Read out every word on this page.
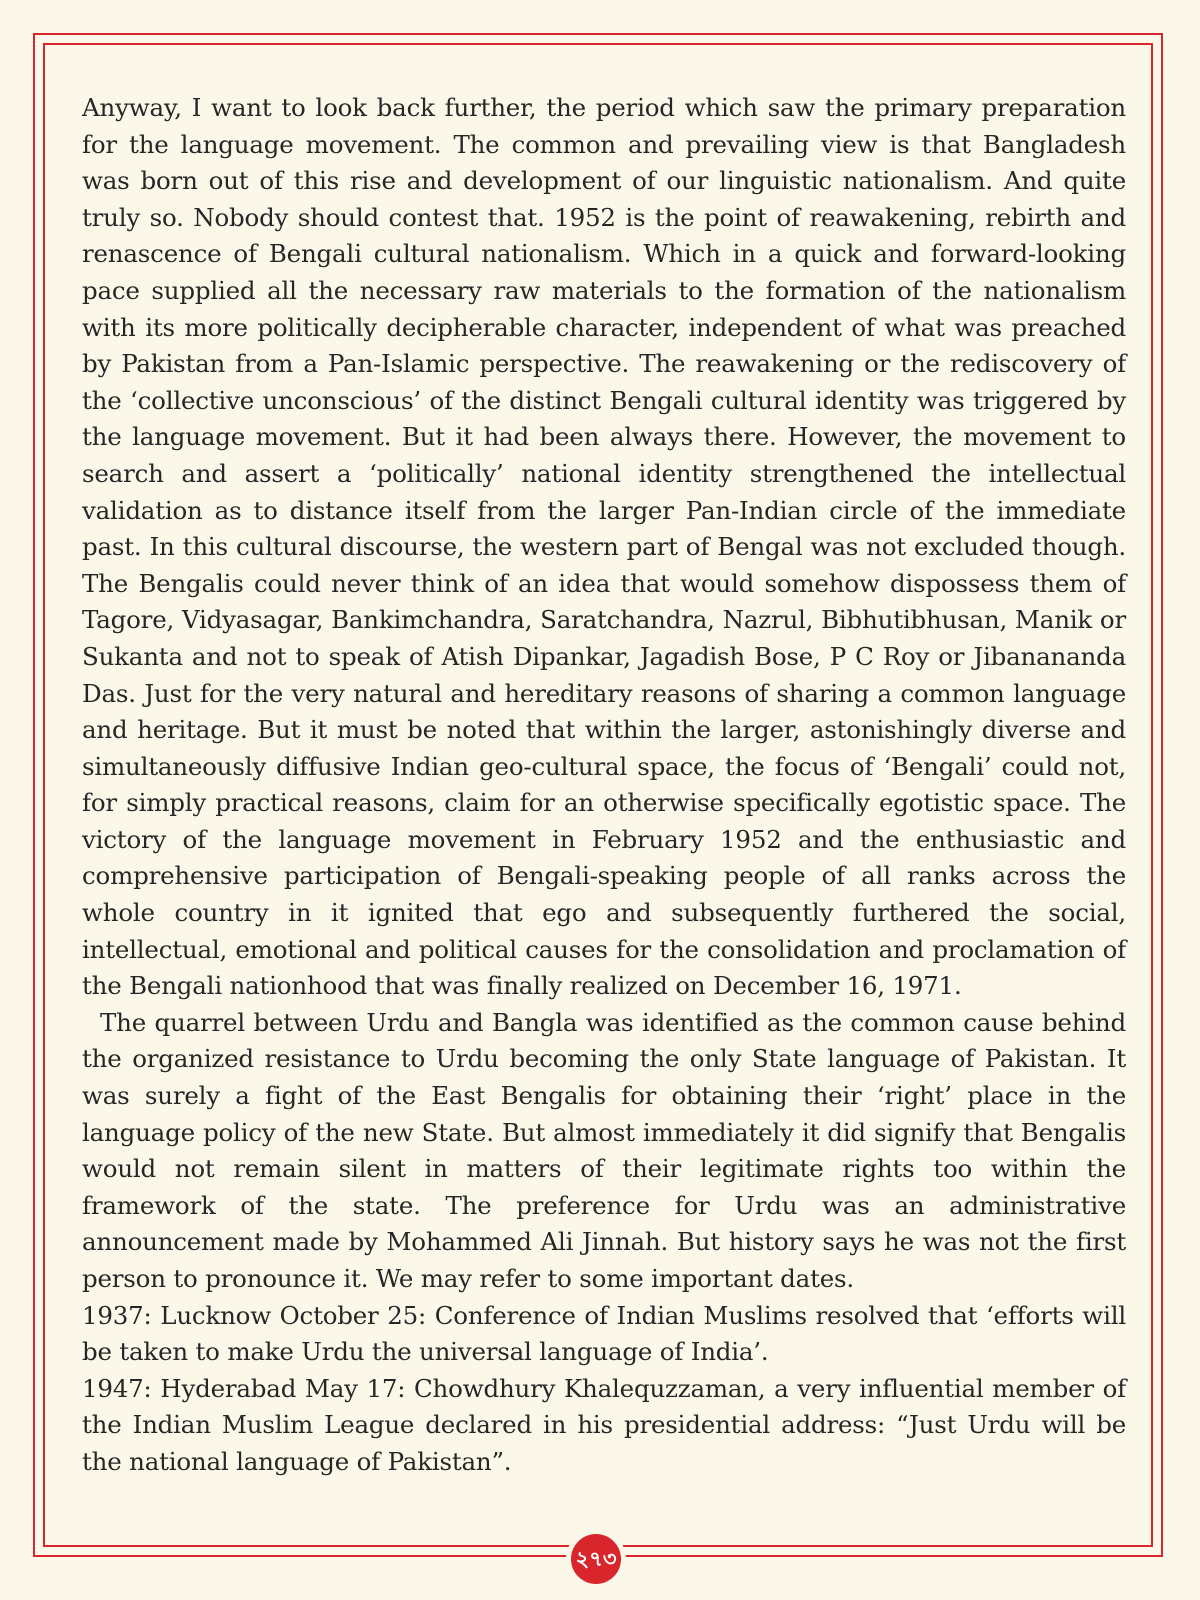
Anyway, I want to look back further, the period which saw the primary preparation for the language movement. The common and prevailing view is that Bangladesh was born out of this rise and development of our linguistic nationalism. And quite truly so. Nobody should contest that. 1952 is the point of reawakening, rebirth and renascence of Bengali cultural nationalism. Which in a quick and forward-looking pace supplied all the necessary raw materials to the formation of the nationalism with its more politically decipherable character, independent of what was preached by Pakistan from a Pan-Islamic perspective. The reawakening or the rediscovery of the ‘collective unconscious’ of the distinct Bengali cultural identity was triggered by the language movement. But it had been always there. However, the movement to search and assert a ‘politically’ national identity strengthened the intellectual validation as to distance itself from the larger Pan-Indian circle of the immediate past. In this cultural discourse, the western part of Bengal was not excluded though. The Bengalis could never think of an idea that would somehow dispossess them of Tagore, Vidyasagar, Bankimchandra, Saratchandra, Nazrul, Bibhutibhusan, Manik or Sukanta and not to speak of Atish Dipankar, Jagadish Bose, P C Roy or Jibanananda Das. Just for the very natural and hereditary reasons of sharing a common language and heritage. But it must be noted that within the larger, astonishingly diverse and simultaneously diffusive Indian geo-cultural space, the focus of ‘Bengali’ could not, for simply practical reasons, claim for an otherwise specifically egotistic space. The victory of the language movement in February 1952 and the enthusiastic and comprehensive participation of Bengali-speaking people of all ranks across the whole country in it ignited that ego and subsequently furthered the social, intellectual, emotional and political causes for the consolidation and proclamation of the Bengali nationhood that was finally realized on December 16, 1971.

The quarrel between Urdu and Bangla was identified as the common cause behind the organized resistance to Urdu becoming the only State language of Pakistan. It was surely a fight of the East Bengalis for obtaining their ‘right’ place in the language policy of the new State. But almost immediately it did signify that Bengalis would not remain silent in matters of their legitimate rights too within the framework of the state. The preference for Urdu was an administrative announcement made by Mohammed Ali Jinnah. But history says he was not the first person to pronounce it. We may refer to some important dates.

1937: Lucknow October 25: Conference of Indian Muslims resolved that ‘efforts will be taken to make Urdu the universal language of India’.

1947: Hyderabad May 17: Chowdhury Khalequzzaman, a very influential member of the Indian Muslim League declared in his presidential address: “Just Urdu will be the national language of Pakistan”.

২৭৩
